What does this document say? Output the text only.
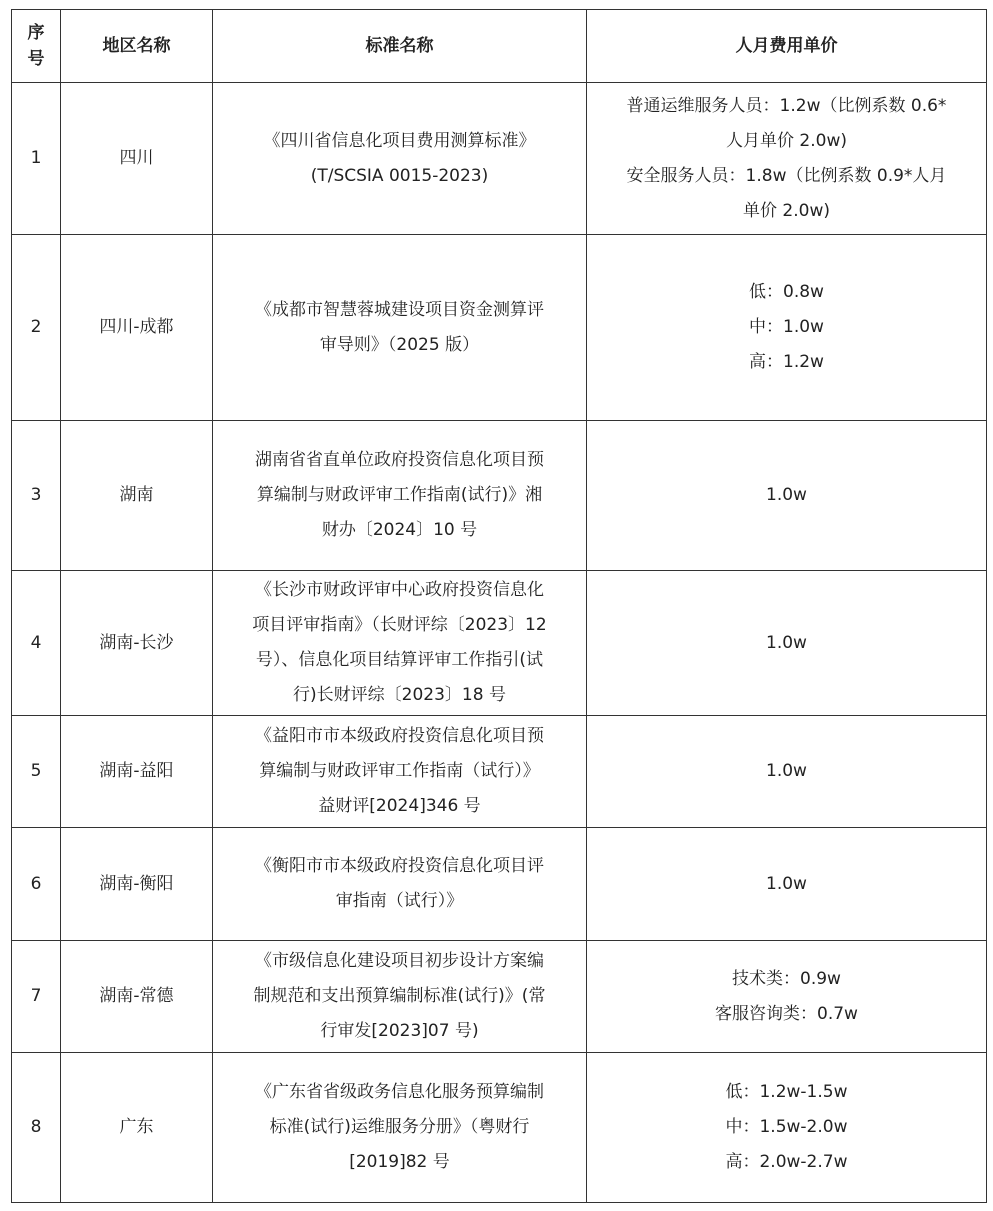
序
号	地区名称	标准名称	人月费用单价
1	四川	《四川省信息化项目费用测算标准》
(T/SCSIA 0015-2023)	普通运维服务人员：1.2w（比例系数 0.6*
人月单价 2.0w)
安全服务人员：1.8w（比例系数 0.9*人月
单价 2.0w)

2	四川-成都	《成都市智慧蓉城建设项目资金测算评
审导则》（2025 版）	低：0.8w
中：1.0w
高：1.2w

3	湖南	湖南省省直单位政府投资信息化项目预
算编制与财政评审工作指南(试行)》湘
财办〔2024〕10 号	1.0w

4	湖南-长沙	《长沙市财政评审中心政府投资信息化
项目评审指南》（长财评综〔2023〕12
号）、信息化项目结算评审工作指引(试
行)长财评综〔2023〕18 号	1.0w

5	湖南-益阳	《益阳市市本级政府投资信息化项目预
算编制与财政评审工作指南（试行）》
益财评[2024]346 号	1.0w

6	湖南-衡阳	《衡阳市市本级政府投资信息化项目评
审指南（试行）》	1.0w

7	湖南-常德	《市级信息化建设项目初步设计方案编
制规范和支出预算编制标准(试行)》(常
行审发[2023]07 号)	技术类：0.9w
客服咨询类：0.7w

8	广东	《广东省省级政务信息化服务预算编制
标准(试行)运维服务分册》（粤财行
[2019]82 号	低：1.2w-1.5w
中：1.5w-2.0w
高：2.0w-2.7w
